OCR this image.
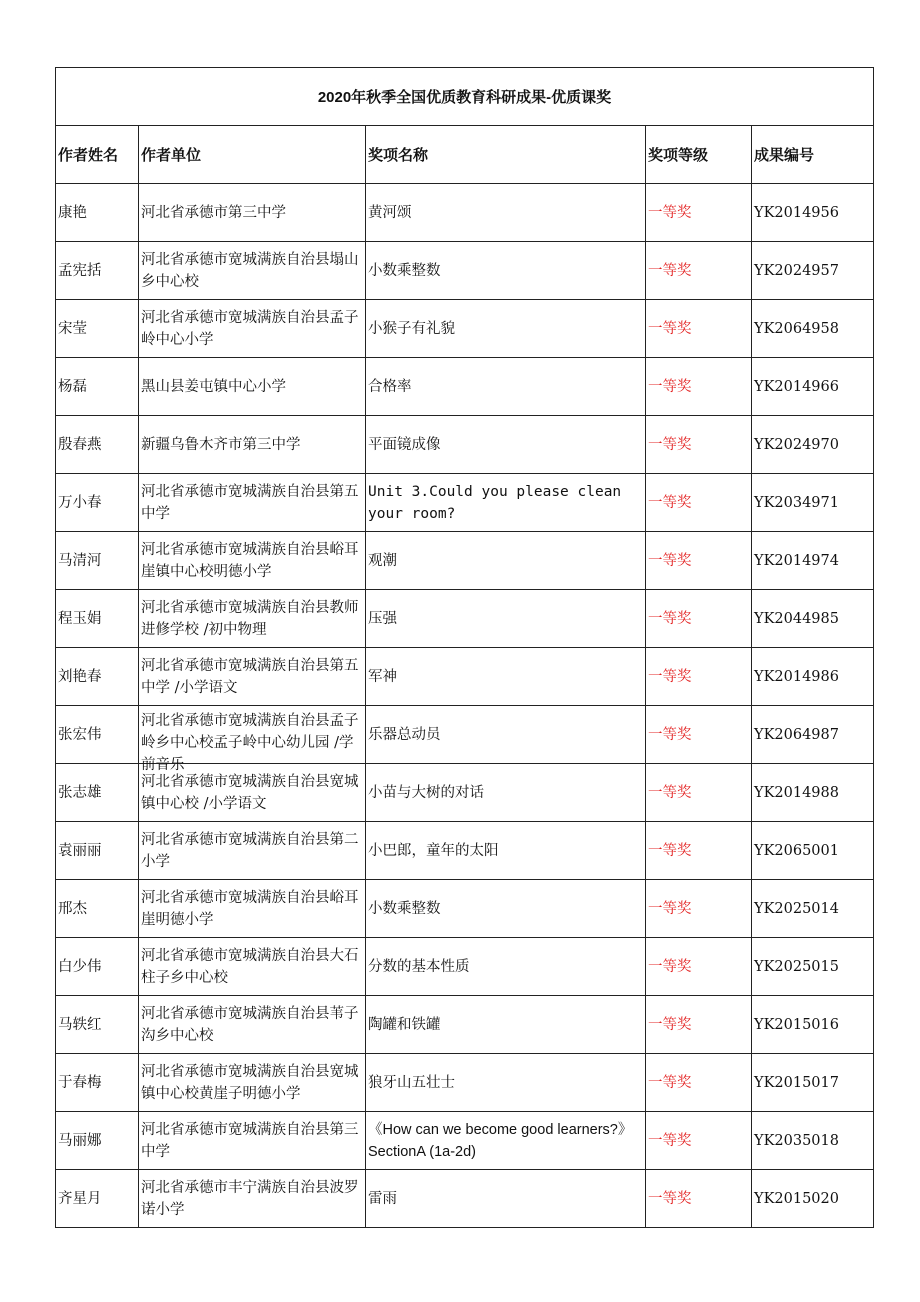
2020年秋季全国优质教育科研成果-优质课奖				
作者姓名	作者单位	奖项名称	奖项等级	成果编号

康艳	河北省承德市第三中学	黄河颂	一等奖	YK2014956

孟宪括	河北省承德市宽城满族自治县塌山乡中心校	小数乘整数	一等奖	YK2024957

宋莹	河北省承德市宽城满族自治县孟子岭中心小学	小猴子有礼貌	一等奖	YK2064958

杨磊	黑山县姜屯镇中心小学	合格率	一等奖	YK2014966

殷春燕	新疆乌鲁木齐市第三中学	平面镜成像	一等奖	YK2024970

万小春	河北省承德市宽城满族自治县第五中学	Unit 3.Could you please clean your room?	一等奖	YK2034971

马清河	河北省承德市宽城满族自治县峪耳崖镇中心校明德小学	观潮	一等奖	YK2014974

程玉娟	河北省承德市宽城满族自治县教师进修学校 /初中物理	压强	一等奖	YK2044985

刘艳春	河北省承德市宽城满族自治县第五中学 /小学语文	军神	一等奖	YK2014986

张宏伟	河北省承德市宽城满族自治县孟子岭乡中心校孟子岭中心幼儿园 /学前音乐	乐器总动员	一等奖	YK2064987

张志雄	河北省承德市宽城满族自治县宽城镇中心校 /小学语文	小苗与大树的对话	一等奖	YK2014988

袁丽丽	河北省承德市宽城满族自治县第二小学	小巴郎，童年的太阳	一等奖	YK2065001

邢杰	河北省承德市宽城满族自治县峪耳崖明德小学	小数乘整数	一等奖	YK2025014

白少伟	河北省承德市宽城满族自治县大石柱子乡中心校	分数的基本性质	一等奖	YK2025015

马轶红	河北省承德市宽城满族自治县苇子沟乡中心校	陶罐和铁罐	一等奖	YK2015016

于春梅	河北省承德市宽城满族自治县宽城镇中心校黄崖子明德小学	狼牙山五壮士	一等奖	YK2015017

马丽娜	河北省承德市宽城满族自治县第三中学	《How can we become good learners?》 SectionA (1a-2d)	一等奖	YK2035018

齐星月	河北省承德市丰宁满族自治县波罗诺小学	雷雨	一等奖	YK2015020
